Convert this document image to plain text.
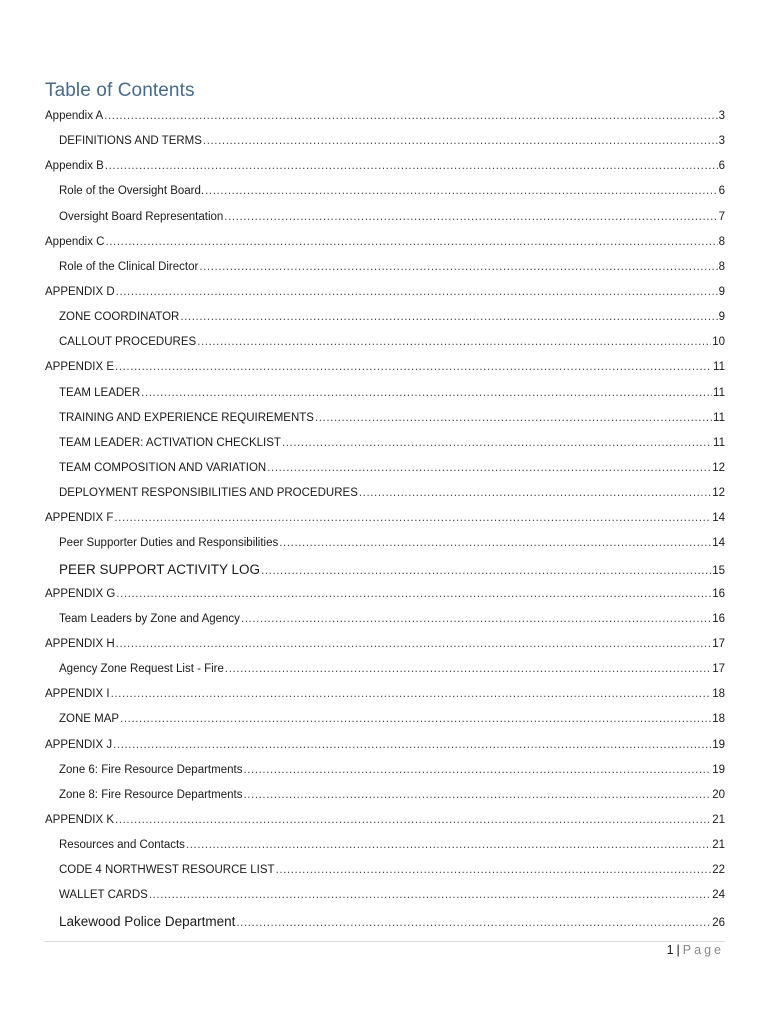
Table of Contents
Appendix A .....	3
DEFINITIONS AND TERMS .....	3
Appendix B .....	6
Role of the Oversight Board. .....	6
Oversight Board Representation .....	7
Appendix C .....	8
Role of the Clinical Director .....	8
APPENDIX D .....	9
ZONE COORDINATOR .....	9
CALLOUT PROCEDURES .....	10
APPENDIX E .....	11
TEAM LEADER .....	11
TRAINING AND EXPERIENCE REQUIREMENTS .....	11
TEAM LEADER: ACTIVATION CHECKLIST .....	11
TEAM COMPOSITION AND VARIATION .....	12
DEPLOYMENT RESPONSIBILITIES AND PROCEDURES .....	12
APPENDIX F .....	14
Peer Supporter Duties and Responsibilities .....	14
PEER SUPPORT ACTIVITY LOG .....	15
APPENDIX G .....	16
Team Leaders by Zone and Agency .....	16
APPENDIX H .....	17
Agency Zone Request List - Fire .....	17
APPENDIX I .....	18
ZONE MAP .....	18
APPENDIX J .....	19
Zone 6: Fire Resource Departments .....	19
Zone 8: Fire Resource Departments .....	20
APPENDIX K .....	21
Resources and Contacts .....	21
CODE 4 NORTHWEST RESOURCE LIST .....	22
WALLET CARDS .....	24
Lakewood Police Department .....	26
1 | Page
